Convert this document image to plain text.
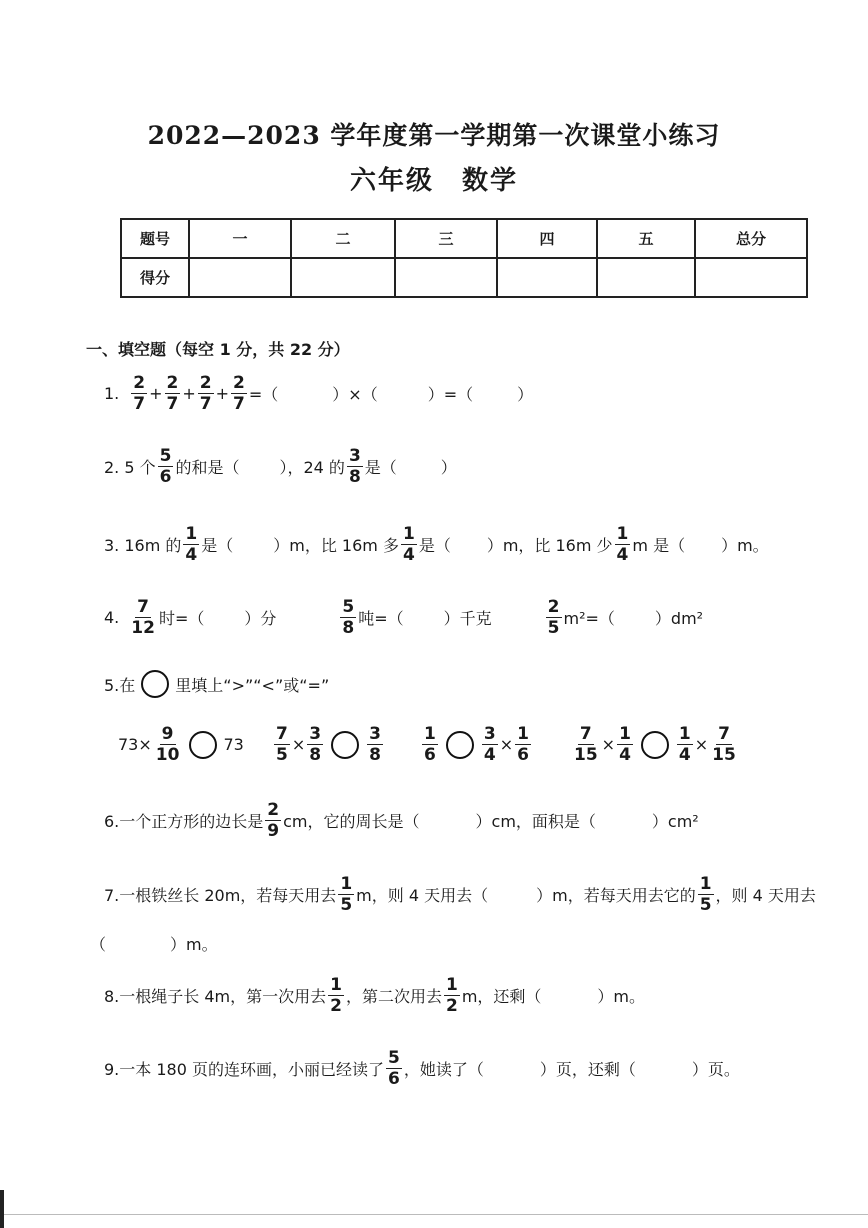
2022—2023 学年度第一学期第一次课堂小练习
六年级　数学
题号	一	二	三	四	五	总分
得分						
一、填空题（每空 1 分，共 22 分）
1. $\frac{2}{7} + \frac{2}{7} + \frac{2}{7} + \frac{2}{7}$ =（	）×（	）=（	）
2. 5 个 $\frac{5}{6}$ 的和是（	），24 的 $\frac{3}{8}$ 是（	）
3. 16m 的 $\frac{1}{4}$ 是（	）m，比 16m 多 $\frac{1}{4}$ 是（ ）m，比 16m 少 $\frac{1}{4}$ m 是（ ）m。
4. $\frac{7}{12}$ 时=（	）分	$\frac{5}{8}$ 吨=（	）千克	$\frac{2}{5} m^2=$（	）dm²
5.在	里填上“>”“<”或“=”
$73\times \frac{9}{10}$	$73 \frac{7}{5} \times \frac{3}{8}$	$\frac{3}{8} \frac{1}{6}$	$\frac{3}{4} \times \frac{1}{6} \frac{7}{15} \times \frac{1}{4}$	$\frac{1}{4} \times \frac{7}{15}$
6.一个正方形的边长是 $\frac{2}{9}$ cm，它的周长是（	）cm，面积是（	）cm²
7.一根铁丝长 20m，若每天用去 $\frac{1}{5}$ m，则 4 天用去（	）m，若每天用去它的 $\frac{1}{5}$ ，则 4 天用去
（　　　　）m。
8.一根绳子长 4m，第一次用去 $\frac{1}{2}$ ，第二次用去 $\frac{1}{2}$ m，还剩（	）m。
9.一本 180 页的连环画，小丽已经读了 $\frac{5}{6}$ ，她读了（	）页，还剩（	）页。
